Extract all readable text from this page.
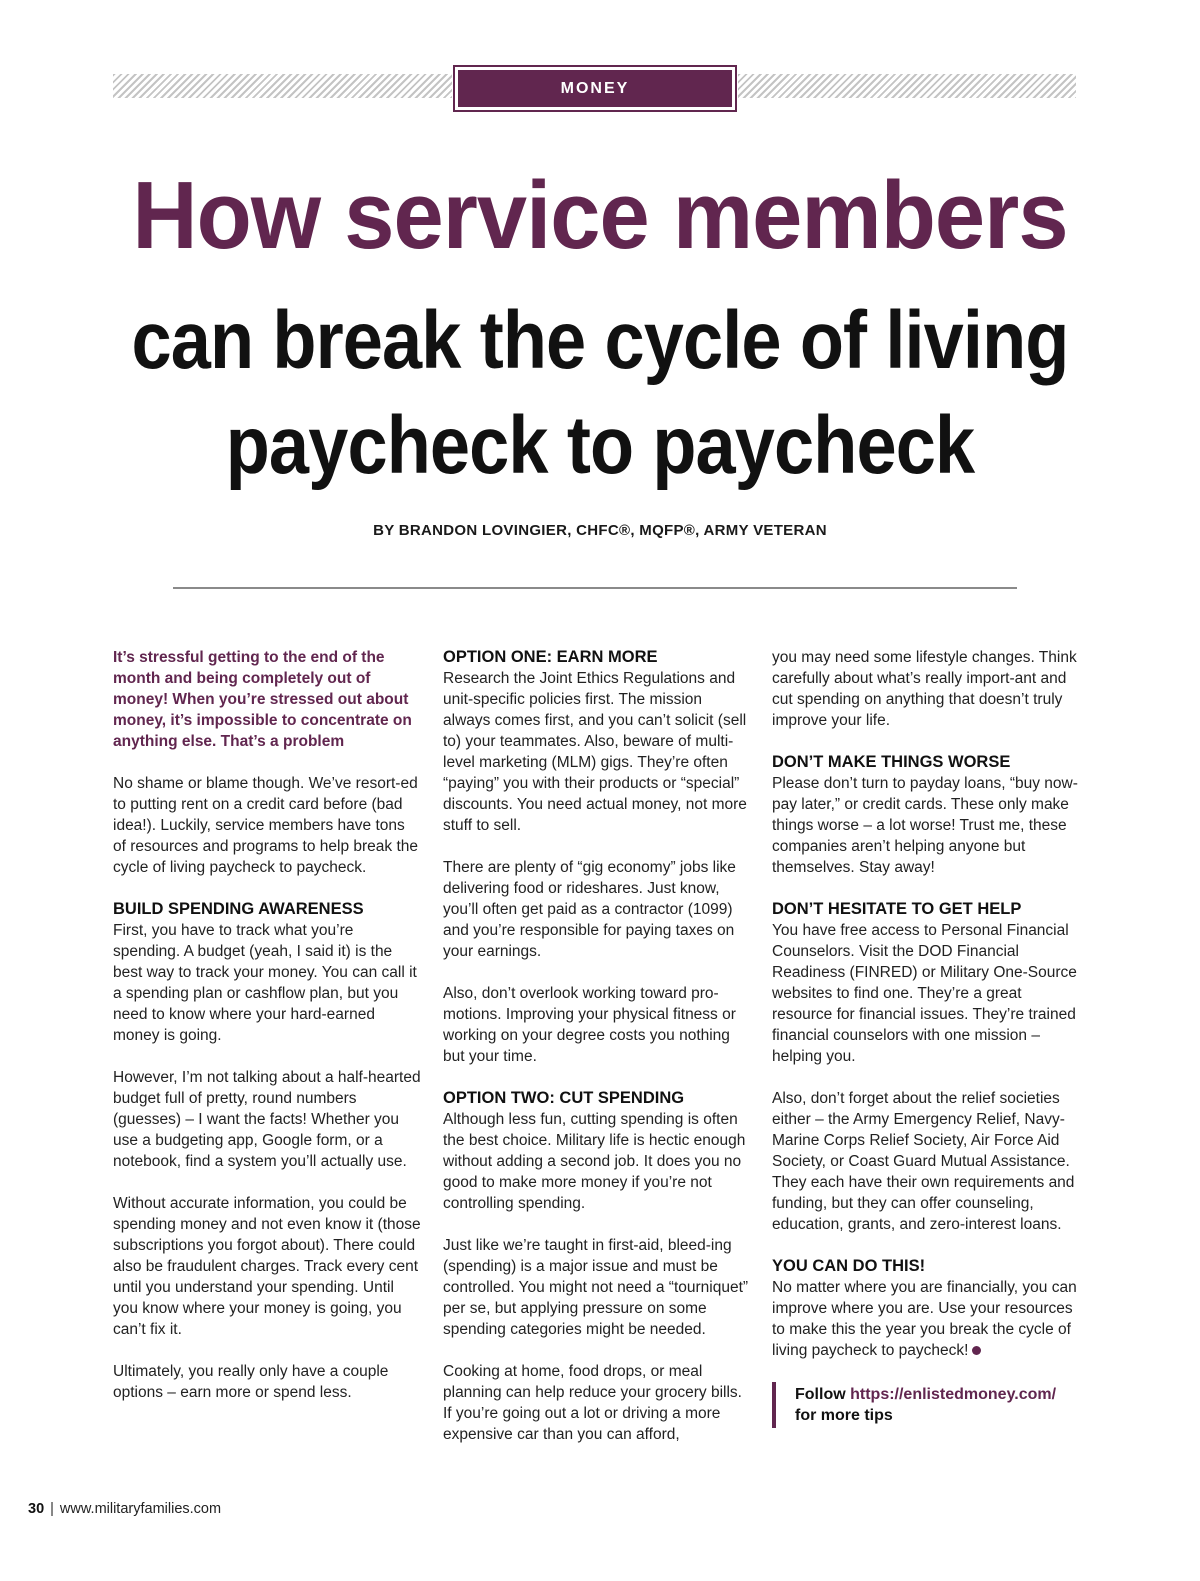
MONEY
How service members
can break the cycle of living
paycheck to paycheck
BY BRANDON LOVINGIER, CHFC®, MQFP®, ARMY VETERAN

It’s stressful getting to the end of the month and being completely out of money! When you’re stressed out about money, it’s impossible to concentrate on anything else. That’s a problem

No shame or blame though. We’ve resort-ed to putting rent on a credit card before (bad idea!). Luckily, service members have tons of resources and programs to help break the cycle of living paycheck to paycheck.

BUILD SPENDING AWARENESS

First, you have to track what you’re spending. A budget (yeah, I said it) is the best way to track your money. You can call it a spending plan or cashflow plan, but you need to know where your hard-earned money is going.

However, I’m not talking about a half-hearted budget full of pretty, round numbers (guesses) – I want the facts! Whether you use a budgeting app, Google form, or a notebook, find a system you’ll actually use.

Without accurate information, you could be spending money and not even know it (those subscriptions you forgot about). There could also be fraudulent charges. Track every cent until you understand your spending. Until you know where your money is going, you can’t fix it.

Ultimately, you really only have a couple options – earn more or spend less.

OPTION ONE: EARN MORE

Research the Joint Ethics Regulations and unit-specific policies first. The mission always comes first, and you can’t solicit (sell to) your teammates. Also, beware of multi-level marketing (MLM) gigs. They’re often “paying” you with their products or “special” discounts. You need actual money, not more stuff to sell.

There are plenty of “gig economy” jobs like delivering food or rideshares. Just know, you’ll often get paid as a contractor (1099) and you’re responsible for paying taxes on your earnings.

Also, don’t overlook working toward pro-motions. Improving your physical fitness or working on your degree costs you nothing but your time.

OPTION TWO: CUT SPENDING

Although less fun, cutting spending is often the best choice. Military life is hectic enough without adding a second job. It does you no good to make more money if you’re not controlling spending.

Just like we’re taught in first-aid, bleed-ing (spending) is a major issue and must be controlled. You might not need a “tourniquet” per se, but applying pressure on some spending categories might be needed.

Cooking at home, food drops, or meal planning can help reduce your grocery bills. If you’re going out a lot or driving a more expensive car than you can afford,

you may need some lifestyle changes. Think carefully about what’s really import-ant and cut spending on anything that doesn’t truly improve your life.

DON’T MAKE THINGS WORSE

Please don’t turn to payday loans, “buy now-pay later,” or credit cards. These only make things worse – a lot worse! Trust me, these companies aren’t helping anyone but themselves. Stay away!

DON’T HESITATE TO GET HELP

You have free access to Personal Financial Counselors. Visit the DOD Financial Readiness (FINRED) or Military One-Source websites to find one. They’re a great resource for financial issues. They’re trained financial counselors with one mission – helping you.

Also, don’t forget about the relief societies either – the Army Emergency Relief, Navy-Marine Corps Relief Society, Air Force Aid Society, or Coast Guard Mutual Assistance. They each have their own requirements and funding, but they can offer counseling, education, grants, and zero-interest loans.

YOU CAN DO THIS!

No matter where you are financially, you can improve where you are. Use your resources to make this the year you break the cycle of living paycheck to paycheck!

Follow https://enlistedmoney.com/
for more tips
30 | www.militaryfamilies.com
